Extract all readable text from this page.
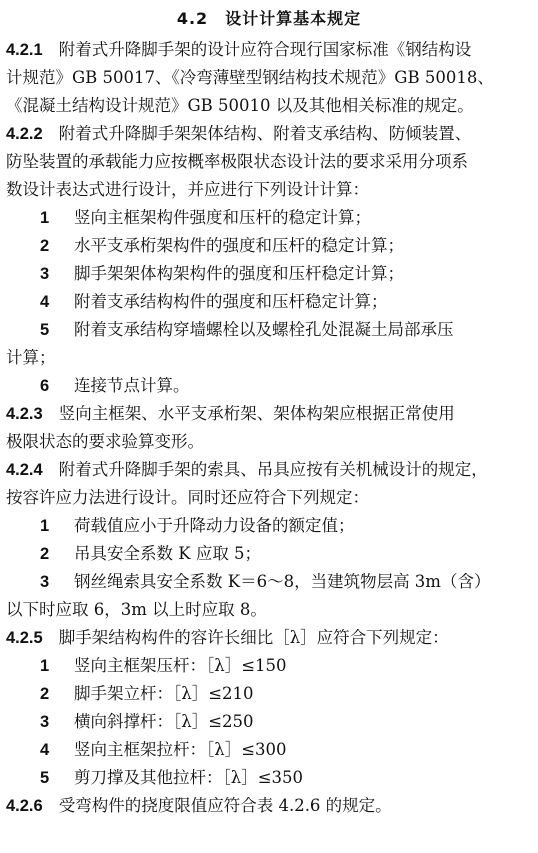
4.2　设计计算基本规定
4.2.1 附着式升降脚手架的设计应符合现行国家标准《钢结构设
计规范》GB 50017、《冷弯薄壁型钢结构技术规范》GB 50018、
《混凝土结构设计规范》GB 50010 以及其他相关标准的规定。
4.2.2 附着式升降脚手架架体结构、附着支承结构、防倾装置、
防坠装置的承载能力应按概率极限状态设计法的要求采用分项系
数设计表达式进行设计，并应进行下列设计计算：
1 竖向主框架构件强度和压杆的稳定计算；
2 水平支承桁架构件的强度和压杆的稳定计算；
3 脚手架架体构架构件的强度和压杆稳定计算；
4 附着支承结构构件的强度和压杆稳定计算；
5 附着支承结构穿墙螺栓以及螺栓孔处混凝土局部承压
计算；
6 连接节点计算。
4.2.3 竖向主框架、水平支承桁架、架体构架应根据正常使用
极限状态的要求验算变形。
4.2.4 附着式升降脚手架的索具、吊具应按有关机械设计的规定，
按容许应力法进行设计。同时还应符合下列规定：
1 荷载值应小于升降动力设备的额定值；
2 吊具安全系数 K 应取 5；
3 钢丝绳索具安全系数 K＝6～8，当建筑物层高 3m（含）
以下时应取 6，3m 以上时应取 8。
4.2.5 脚手架结构构件的容许长细比［λ］应符合下列规定：
1 竖向主框架压杆：［λ］≤150
2 脚手架立杆：［λ］≤210
3 横向斜撑杆：［λ］≤250
4 竖向主框架拉杆：［λ］≤300
5 剪刀撑及其他拉杆：［λ］≤350
4.2.6 受弯构件的挠度限值应符合表 4.2.6 的规定。
